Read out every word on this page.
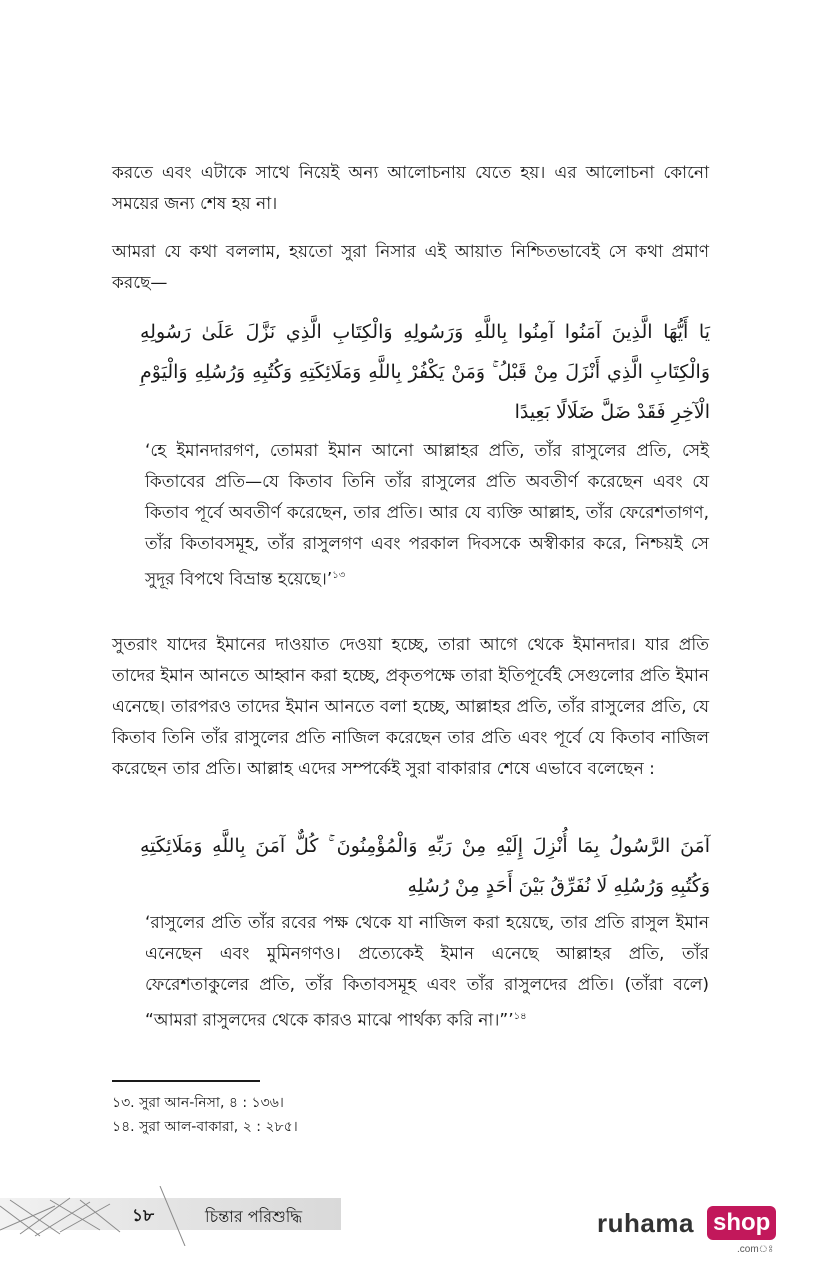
করতে এবং এটাকে সাথে নিয়েই অন্য আলোচনায় যেতে হয়। এর আলোচনা কোনো সময়ের জন্য শেষ হয় না।

আমরা যে কথা বললাম, হয়তো সুরা নিসার এই আয়াত নিশ্চিতভাবেই সে কথা প্রমাণ করছে—

يَا أَيُّهَا الَّذِينَ آمَنُوا آمِنُوا بِاللَّهِ وَرَسُولِهِ وَالْكِتَابِ الَّذِي نَزَّلَ عَلَىٰ رَسُولِهِ وَالْكِتَابِ الَّذِي أَنْزَلَ مِنْ قَبْلُ ۚ وَمَنْ يَكْفُرْ بِاللَّهِ وَمَلَائِكَتِهِ وَكُتُبِهِ وَرُسُلِهِ وَالْيَوْمِ الْآخِرِ فَقَدْ ضَلَّ ضَلَالًا بَعِيدًا

‘হে ইমানদারগণ, তোমরা ইমান আনো আল্লাহর প্রতি, তাঁর রাসুলের প্রতি, সেই কিতাবের প্রতি—যে কিতাব তিনি তাঁর রাসুলের প্রতি অবতীর্ণ করেছেন এবং যে কিতাব পূর্বে অবতীর্ণ করেছেন, তার প্রতি। আর যে ব্যক্তি আল্লাহ, তাঁর ফেরেশতাগণ, তাঁর কিতাবসমূহ, তাঁর রাসুলগণ এবং পরকাল দিবসকে অস্বীকার করে, নিশ্চয়ই সে সুদূর বিপথে বিভ্রান্ত হয়েছে।’$^{১৩}$

সুতরাং যাদের ইমানের দাওয়াত দেওয়া হচ্ছে, তারা আগে থেকে ইমানদার। যার প্রতি তাদের ইমান আনতে আহ্বান করা হচ্ছে, প্রকৃতপক্ষে তারা ইতিপূর্বেই সেগুলোর প্রতি ইমান এনেছে। তারপরও তাদের ইমান আনতে বলা হচ্ছে, আল্লাহর প্রতি, তাঁর রাসুলের প্রতি, যে কিতাব তিনি তাঁর রাসুলের প্রতি নাজিল করেছেন তার প্রতি এবং পূর্বে যে কিতাব নাজিল করেছেন তার প্রতি। আল্লাহ এদের সম্পর্কেই সুরা বাকারার শেষে এভাবে বলেছেন :

آمَنَ الرَّسُولُ بِمَا أُنْزِلَ إِلَيْهِ مِنْ رَبِّهِ وَالْمُؤْمِنُونَ ۚ كُلٌّ آمَنَ بِاللَّهِ وَمَلَائِكَتِهِ وَكُتُبِهِ وَرُسُلِهِ لَا نُفَرِّقُ بَيْنَ أَحَدٍ مِنْ رُسُلِهِ

‘রাসুলের প্রতি তাঁর রবের পক্ষ থেকে যা নাজিল করা হয়েছে, তার প্রতি রাসুল ইমান এনেছেন এবং মুমিনগণও। প্রত্যেকেই ইমান এনেছে আল্লাহর প্রতি, তাঁর ফেরেশতাকুলের প্রতি, তাঁর কিতাবসমূহ এবং তাঁর রাসুলদের প্রতি। (তাঁরা বলে) “আমরা রাসুলদের থেকে কারও মাঝে পার্থক্য করি না।”’$^{১৪}$

১৩. সুরা আন-নিসা, ৪ : ১৩৬।

১৪. সুরা আল-বাকারা, ২ : ২৮৫।

১৮	চিন্তার পরিশুদ্ধি	ruhama shop
.comঃ
